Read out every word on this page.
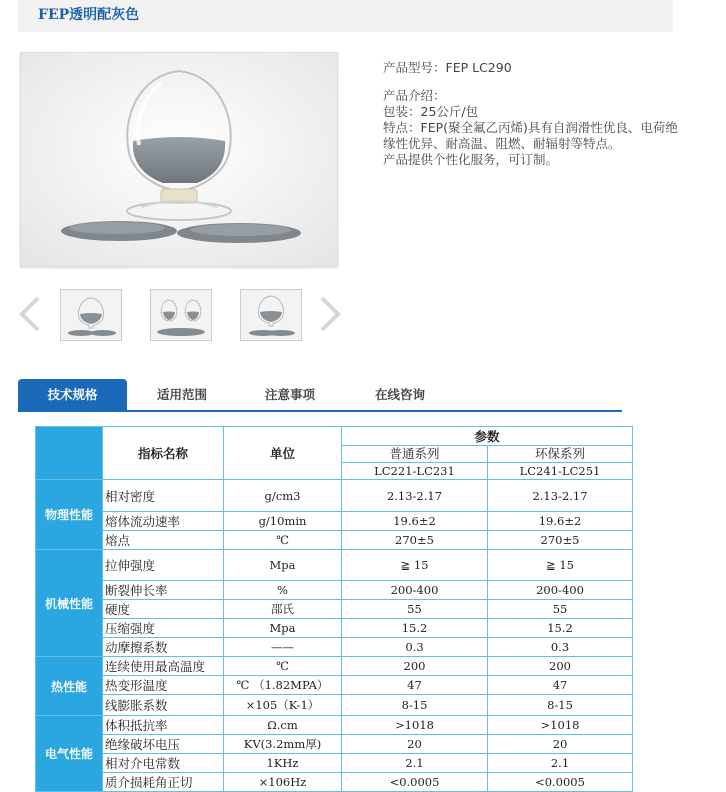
FEP透明配灰色

产品型号：FEP LC290

产品介绍：

包装：25公斤/包

特点：FEP(聚全氟乙丙烯)具有自润滑性优良、电荷绝缘性优异、耐高温、阻燃、耐辐射等特点。

产品提供个性化服务，可订制。

技术规格	适用范围	注意事项	在线咨询
	指标名称	单位	参数	
			普通系列	环保系列
			LC221-LC231	LC241-LC251
物理性能	相对密度	g/cm3	2.13-2.17	2.13-2.17
	熔体流动速率	g/10min	19.6±2	19.6±2
	熔点	℃	270±5	270±5
机械性能	拉伸强度	Mpa	≧ 15	≧ 15
	断裂伸长率	%	200-400	200-400
	硬度	邵氏	55	55
	压缩强度	Mpa	15.2	15.2
	动摩擦系数	——	0.3	0.3
热性能	连续使用最高温度	℃	200	200
	热变形温度	℃ （1.82MPA）	47	47
	线膨胀系数	×105（K-1）	8-15	8-15
电气性能	体积抵抗率	Ω.cm	>1018	>1018
	绝缘破坏电压	KV(3.2mm厚)	20	20
	相对介电常数	1KHz	2.1	2.1
	质介损耗角正切	×106Hz	<0.0005	<0.0005
